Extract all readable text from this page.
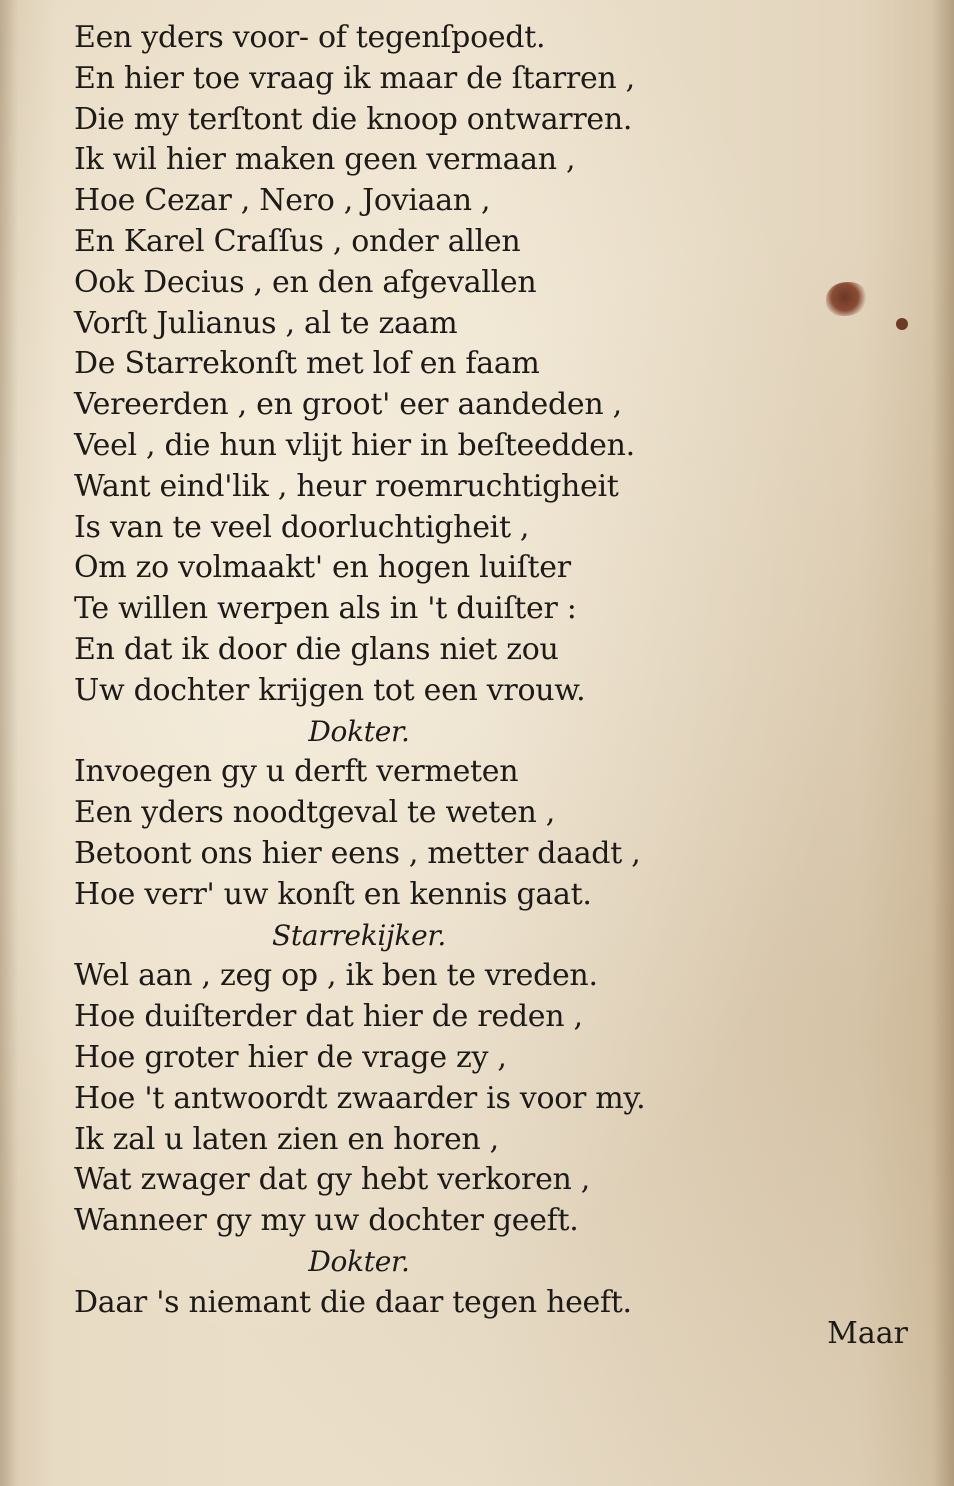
Een yders voor- of tegenſpoedt.
En hier toe vraag ik maar de ſtarren ,
Die my terſtont die knoop ontwarren.
Ik wil hier maken geen vermaan ,
Hoe Cezar , Nero , Joviaan ,
En Karel Craſſus , onder allen
Ook Decius , en den afgevallen
Vorſt Julianus , al te zaam
De Starrekonſt met lof en faam
Vereerden , en groot' eer aandeden ,
Veel , die hun vlijt hier in beſteedden.
Want eind'lik , heur roemruchtigheit
Is van te veel doorluchtigheit ,
Om zo volmaakt' en hogen luiſter
Te willen werpen als in 't duiſter :
En dat ik door die glans niet zou
Uw dochter krijgen tot een vrouw.
Dokter.
Invoegen gy u derft vermeten
Een yders noodtgeval te weten ,
Betoont ons hier eens , metter daadt ,
Hoe verr' uw konſt en kennis gaat.
Starrekijker.
Wel aan , zeg op , ik ben te vreden.
Hoe duiſterder dat hier de reden ,
Hoe groter hier de vrage zy ,
Hoe 't antwoordt zwaarder is voor my.
Ik zal u laten zien en horen ,
Wat zwager dat gy hebt verkoren ,
Wanneer gy my uw dochter geeft.
Dokter.
Daar 's niemant die daar tegen heeft.
Maar
